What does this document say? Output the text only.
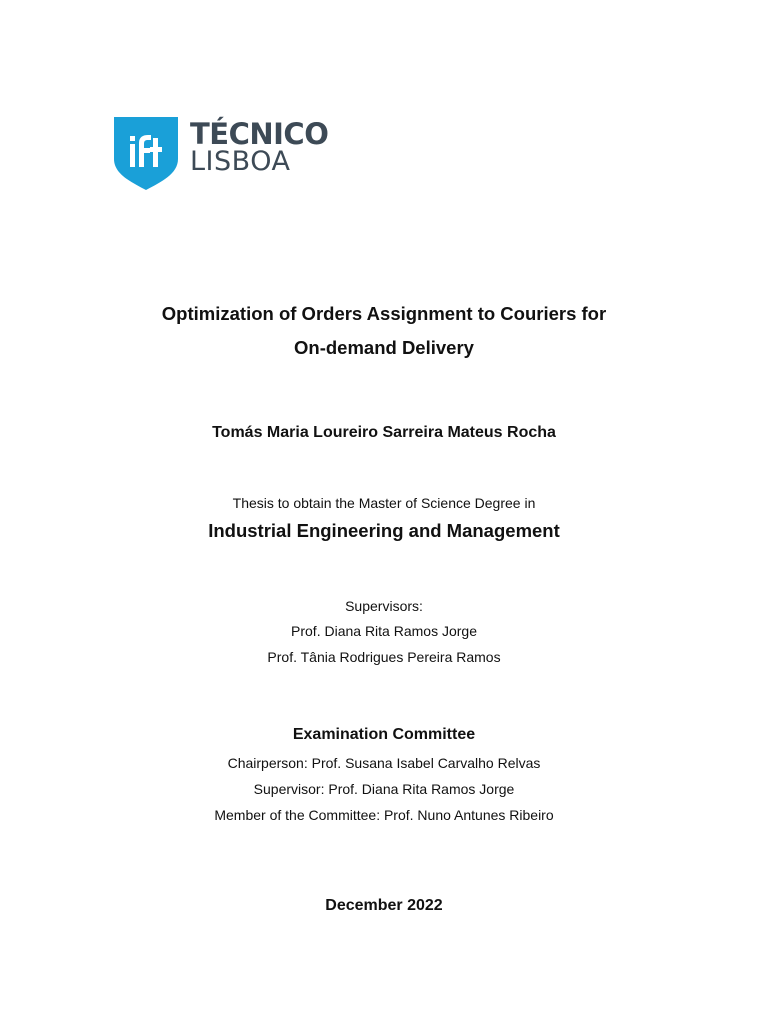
TÉCNICO
LISBOA
Optimization of Orders Assignment to Couriers for
On-demand Delivery
Tomás Maria Loureiro Sarreira Mateus Rocha
Thesis to obtain the Master of Science Degree in
Industrial Engineering and Management
Supervisors:
Prof. Diana Rita Ramos Jorge
Prof. Tânia Rodrigues Pereira Ramos
Examination Committee
Chairperson: Prof. Susana Isabel Carvalho Relvas
Supervisor: Prof. Diana Rita Ramos Jorge
Member of the Committee: Prof. Nuno Antunes Ribeiro
December 2022
